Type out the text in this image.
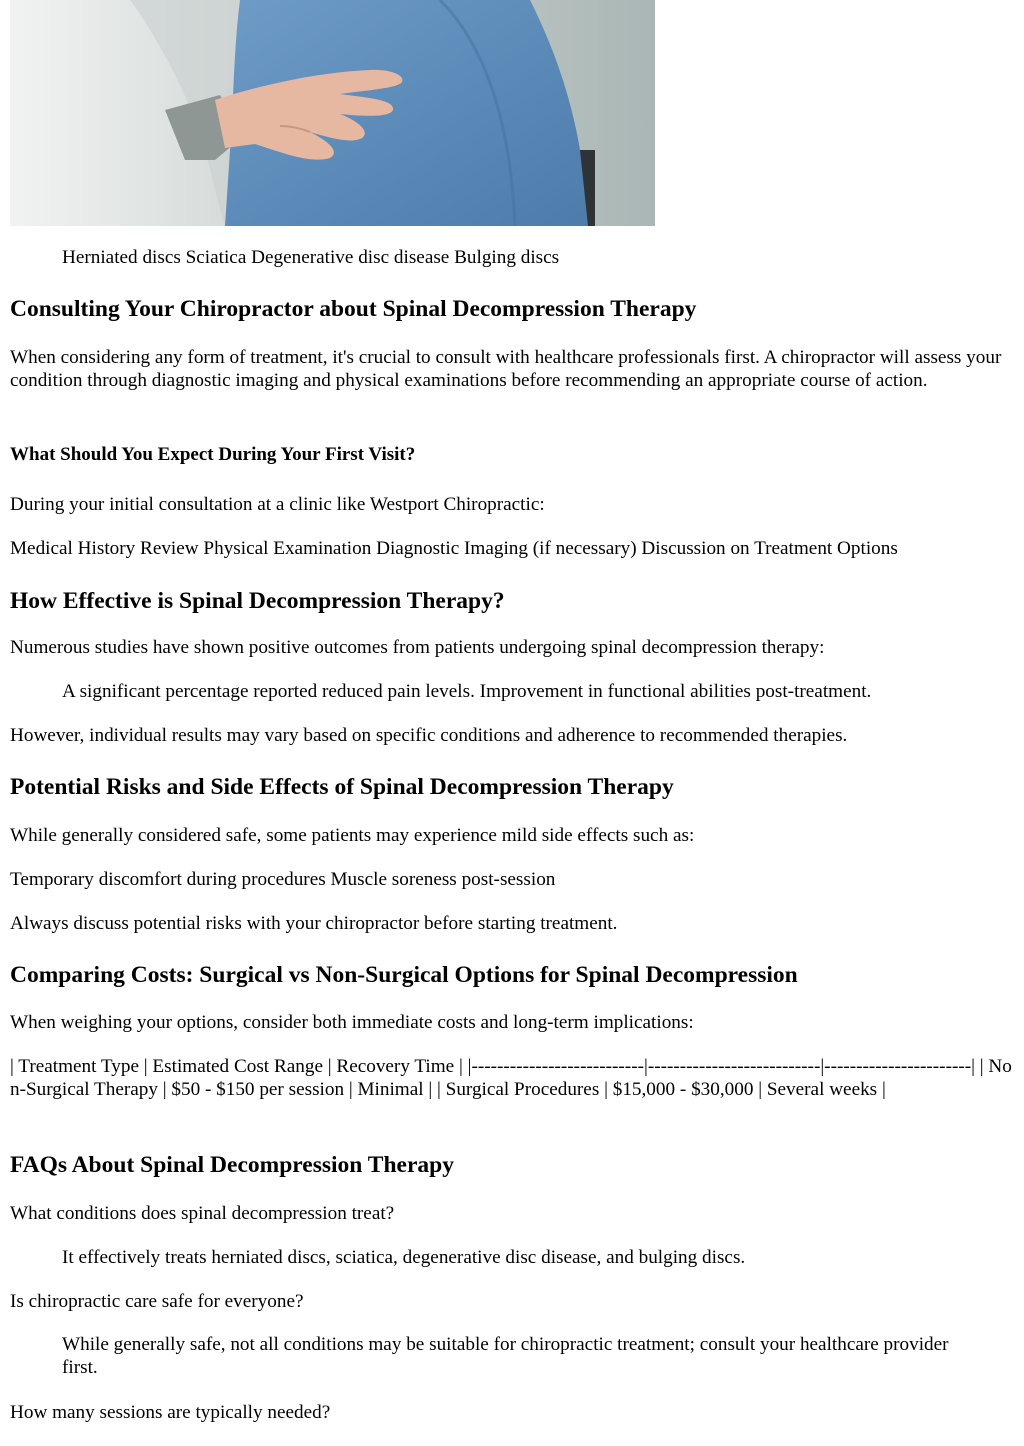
Herniated discs Sciatica Degenerative disc disease Bulging discs

Consulting Your Chiropractor about Spinal Decompression Therapy

When considering any form of treatment, it's crucial to consult with healthcare professionals first. A chiropractor will assess your condition through diagnostic imaging and physical examinations before recommending an appropriate course of action.

What Should You Expect During Your First Visit?

During your initial consultation at a clinic like Westport Chiropractic:

Medical History Review Physical Examination Diagnostic Imaging (if necessary) Discussion on Treatment Options

How Effective is Spinal Decompression Therapy?

Numerous studies have shown positive outcomes from patients undergoing spinal decompression therapy:

A significant percentage reported reduced pain levels. Improvement in functional abilities post-treatment.

However, individual results may vary based on specific conditions and adherence to recommended therapies.

Potential Risks and Side Effects of Spinal Decompression Therapy

While generally considered safe, some patients may experience mild side effects such as:

Temporary discomfort during procedures Muscle soreness post-session

Always discuss potential risks with your chiropractor before starting treatment.

Comparing Costs: Surgical vs Non-Surgical Options for Spinal Decompression

When weighing your options, consider both immediate costs and long-term implications:

| Treatment Type | Estimated Cost Range | Recovery Time | |---------------------------|---------------------------|-----------------------| | Non-Surgical Therapy | $50 - $150 per session | Minimal | | Surgical Procedures | $15,000 - $30,000 | Several weeks |

FAQs About Spinal Decompression Therapy

What conditions does spinal decompression treat?

It effectively treats herniated discs, sciatica, degenerative disc disease, and bulging discs.

Is chiropractic care safe for everyone?

While generally safe, not all conditions may be suitable for chiropractic treatment; consult your healthcare provider first.

How many sessions are typically needed?
